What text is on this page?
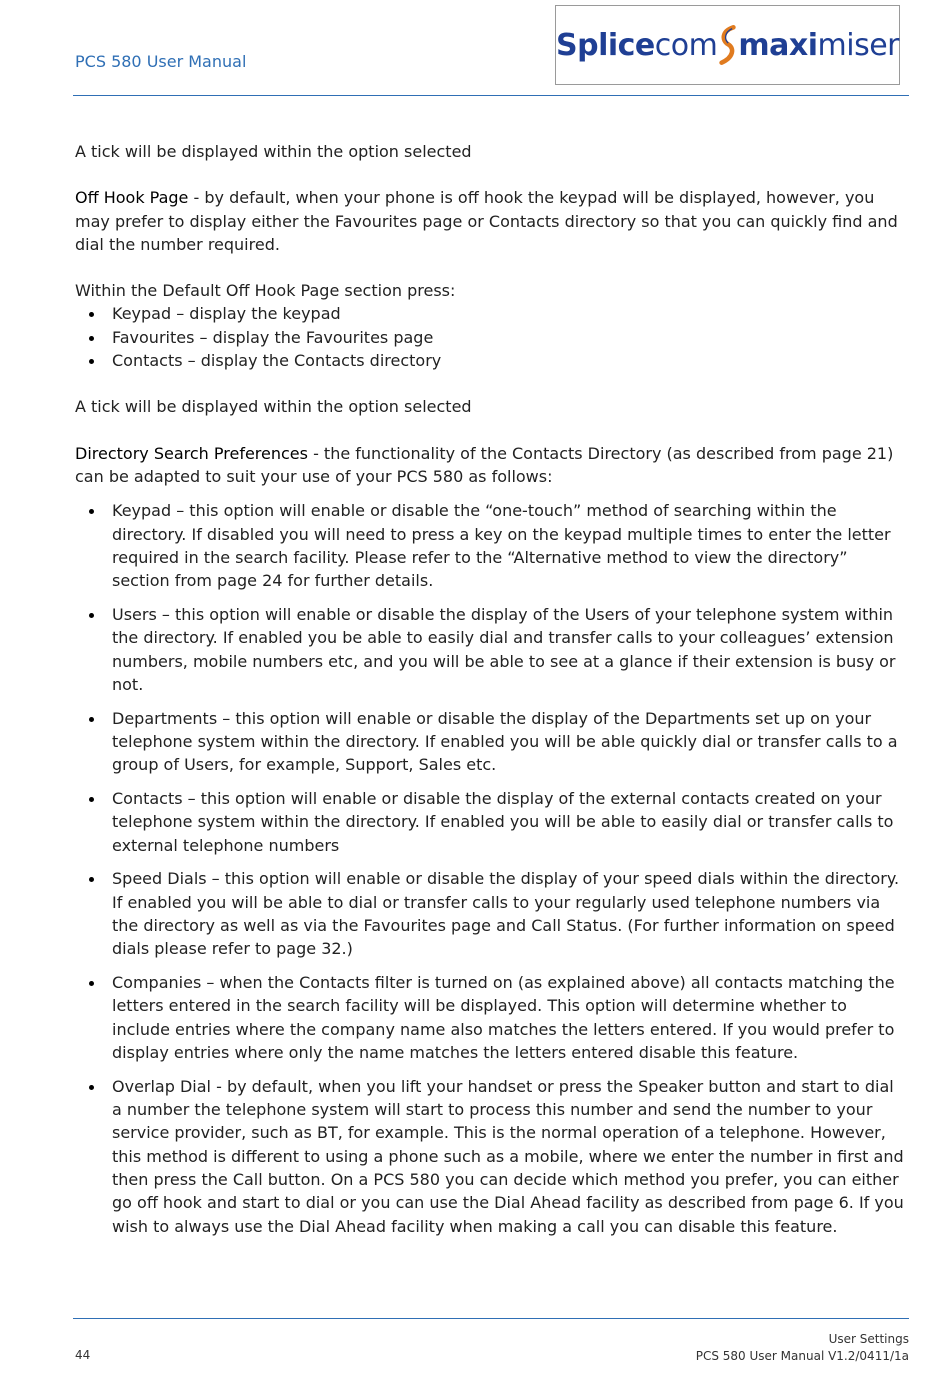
PCS 580 User Manual	Splice com maxi miser

A tick will be displayed within the option selected

Off Hook Page - by default, when your phone is off hook the keypad will be displayed, however, you may prefer to display either the Favourites page or Contacts directory so that you can quickly find and dial the number required.

Within the Default Off Hook Page section press:

Keypad – display the keypad
Favourites – display the Favourites page
Contacts – display the Contacts directory

A tick will be displayed within the option selected

Directory Search Preferences - the functionality of the Contacts Directory (as described from page 21) can be adapted to suit your use of your PCS 580 as follows:

Keypad – this option will enable or disable the “one-touch” method of searching within the directory. If disabled you will need to press a key on the keypad multiple times to enter the letter required in the search facility. Please refer to the “Alternative method to view the directory” section from page 24 for further details.
Users – this option will enable or disable the display of the Users of your telephone system within the directory. If enabled you be able to easily dial and transfer calls to your colleagues’ extension numbers, mobile numbers etc, and you will be able to see at a glance if their extension is busy or not.
Departments – this option will enable or disable the display of the Departments set up on your telephone system within the directory. If enabled you will be able quickly dial or transfer calls to a group of Users, for example, Support, Sales etc.
Contacts – this option will enable or disable the display of the external contacts created on your telephone system within the directory. If enabled you will be able to easily dial or transfer calls to external telephone numbers
Speed Dials – this option will enable or disable the display of your speed dials within the directory. If enabled you will be able to dial or transfer calls to your regularly used telephone numbers via the directory as well as via the Favourites page and Call Status. (For further information on speed dials please refer to page 32.)
Companies – when the Contacts filter is turned on (as explained above) all contacts matching the letters entered in the search facility will be displayed. This option will determine whether to include entries where the company name also matches the letters entered. If you would prefer to display entries where only the name matches the letters entered disable this feature.
Overlap Dial - by default, when you lift your handset or press the Speaker button and start to dial a number the telephone system will start to process this number and send the number to your service provider, such as BT, for example. This is the normal operation of a telephone. However, this method is different to using a phone such as a mobile, where we enter the number in first and then press the Call button. On a PCS 580 you can decide which method you prefer, you can either go off hook and start to dial or you can use the Dial Ahead facility as described from page 6. If you wish to always use the Dial Ahead facility when making a call you can disable this feature.
44
User Settings
PCS 580 User Manual V1.2/0411/1a
